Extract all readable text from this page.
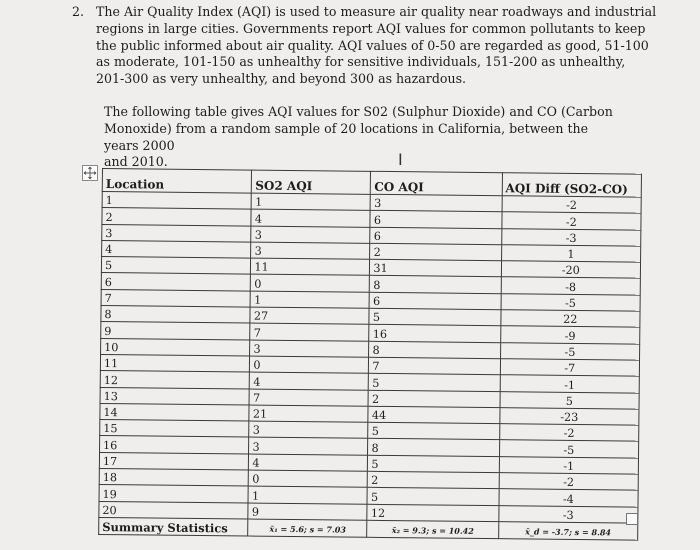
2. The Air Quality Index (AQI) is used to measure air quality near roadways and industrial
regions in large cities. Governments report AQI values for common pollutants to keep
the public informed about air quality. AQI values of 0-50 are regarded as good, 51-100
as moderate, 101-150 as unhealthy for sensitive individuals, 151-200 as unhealthy,
201-300 as very unhealthy, and beyond 300 as hazardous.
The following table gives AQI values for S02 (Sulphur Dioxide) and CO (Carbon
Monoxide) from a random sample of 20 locations in California, between the years 2000
and 2010.	I
Location	SO2 AQI	CO AQI	AQI Diff (SO2-CO)
1	1	3	-2
2	4	6	-2
3	3	6	-3
4	3	2	1
5	11	31	-20
6	0	8	-8
7	1	6	-5
8	27	5	22
9	7	16	-9
10	3	8	-5
11	0	7	-7
12	4	5	-1
13	7	2	5
14	21	44	-23
15	3	5	-2
16	3	8	-5
17	4	5	-1
18	0	2	-2
19	1	5	-4
20	9	12	-3
Summary Statistics	x̄₁ = 5.6; s = 7.03	x̄₂ = 9.3; s = 10.42	x̄_d = -3.7; s = 8.84
